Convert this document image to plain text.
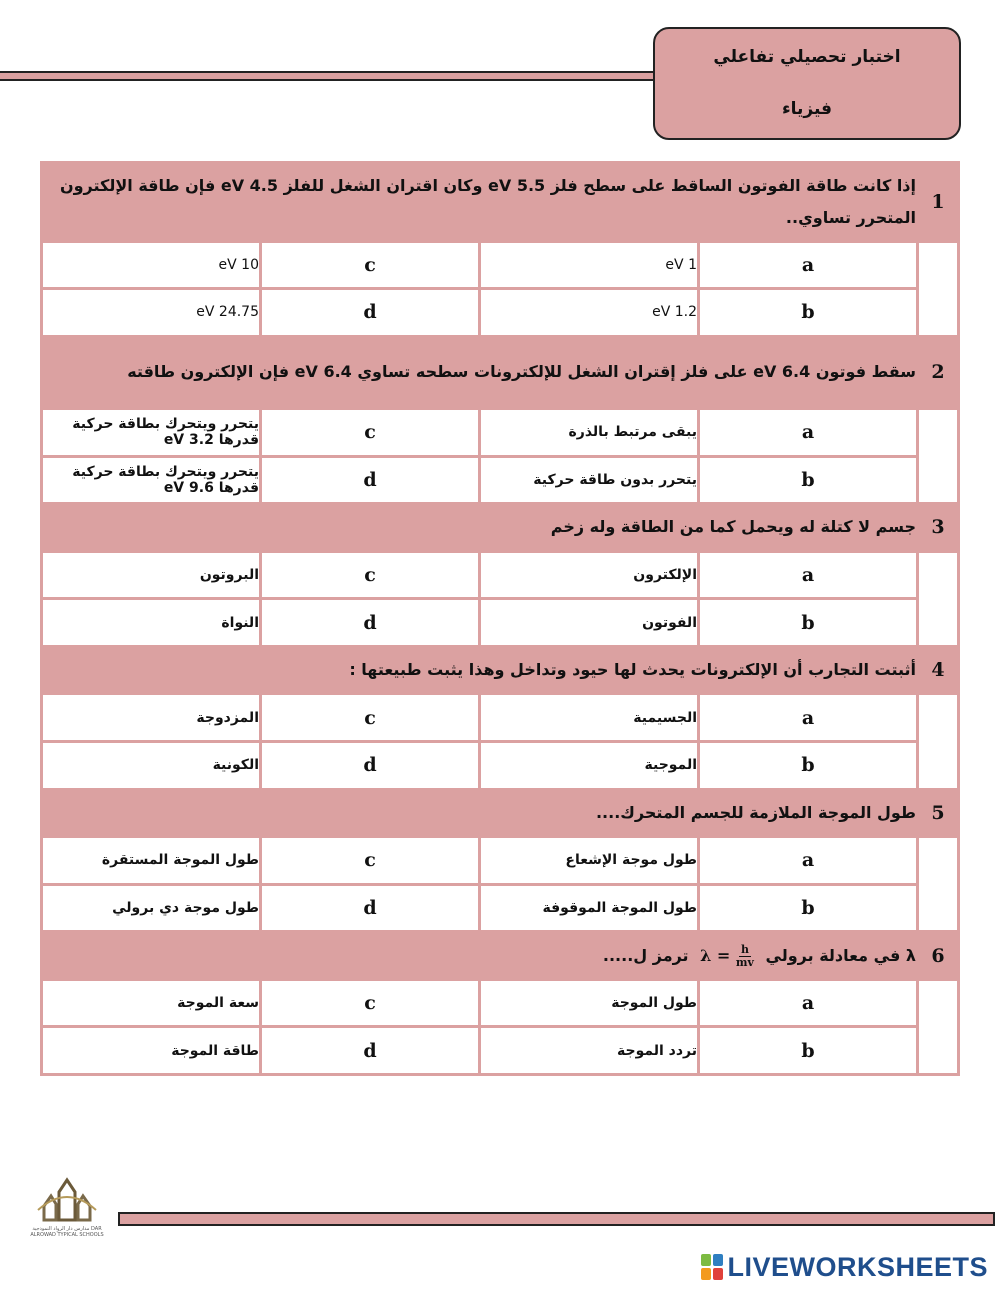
اختبار تحصيلي تفاعلي
فيزياء
إذا كانت طاقة الفوتون الساقط على سطح فلز 5.5 eV وكان اقتران الشغل للفلز 4.5 eV فإن طاقة الإلكترون المتحرر تساوي..				1
10 eV	c	1 eV	a	
24.75 eV	d	1.2 eV	b	
سقط فوتون 6.4 eV على فلز إقتران الشغل للإلكترونات سطحه تساوي 6.4 eV فإن الإلكترون طاقته				2
يتحرر ويتحرك بطاقة حركية قدرها 3.2 eV	c	يبقى مرتبط بالذرة	a	
يتحرر ويتحرك بطاقة حركية قدرها 9.6 eV	d	يتحرر بدون طاقة حركية	b	
جسم لا كتلة له ويحمل كما من الطاقة وله زخم				3
البروتون	c	الإلكترون	a	
النواة	d	الفوتون	b	
أثبتت التجارب أن الإلكترونات يحدث لها حيود وتداخل وهذا يثبت طبيعتها :				4
المزدوجة	c	الجسيمية	a	
الكونية	d	الموجية	b	
طول الموجة الملازمة للجسم المتحرك....				5
طول الموجة المستقرة	c	طول موجة الإشعاع	a	
طول موجة دي برولي	d	طول الموجة الموقوفة	b	
λ في معادلة برولي $\lambda = \frac{h}{mv}$
ترمز ل.....				6
سعة الموجة	c	طول الموجة	a	
طاقة الموجة	d	تردد الموجة	b	
مدارس دار الرواد النموذجية DAR ALROWAD TYPICAL SCHOOLS
LIVEWORKSHEETS
